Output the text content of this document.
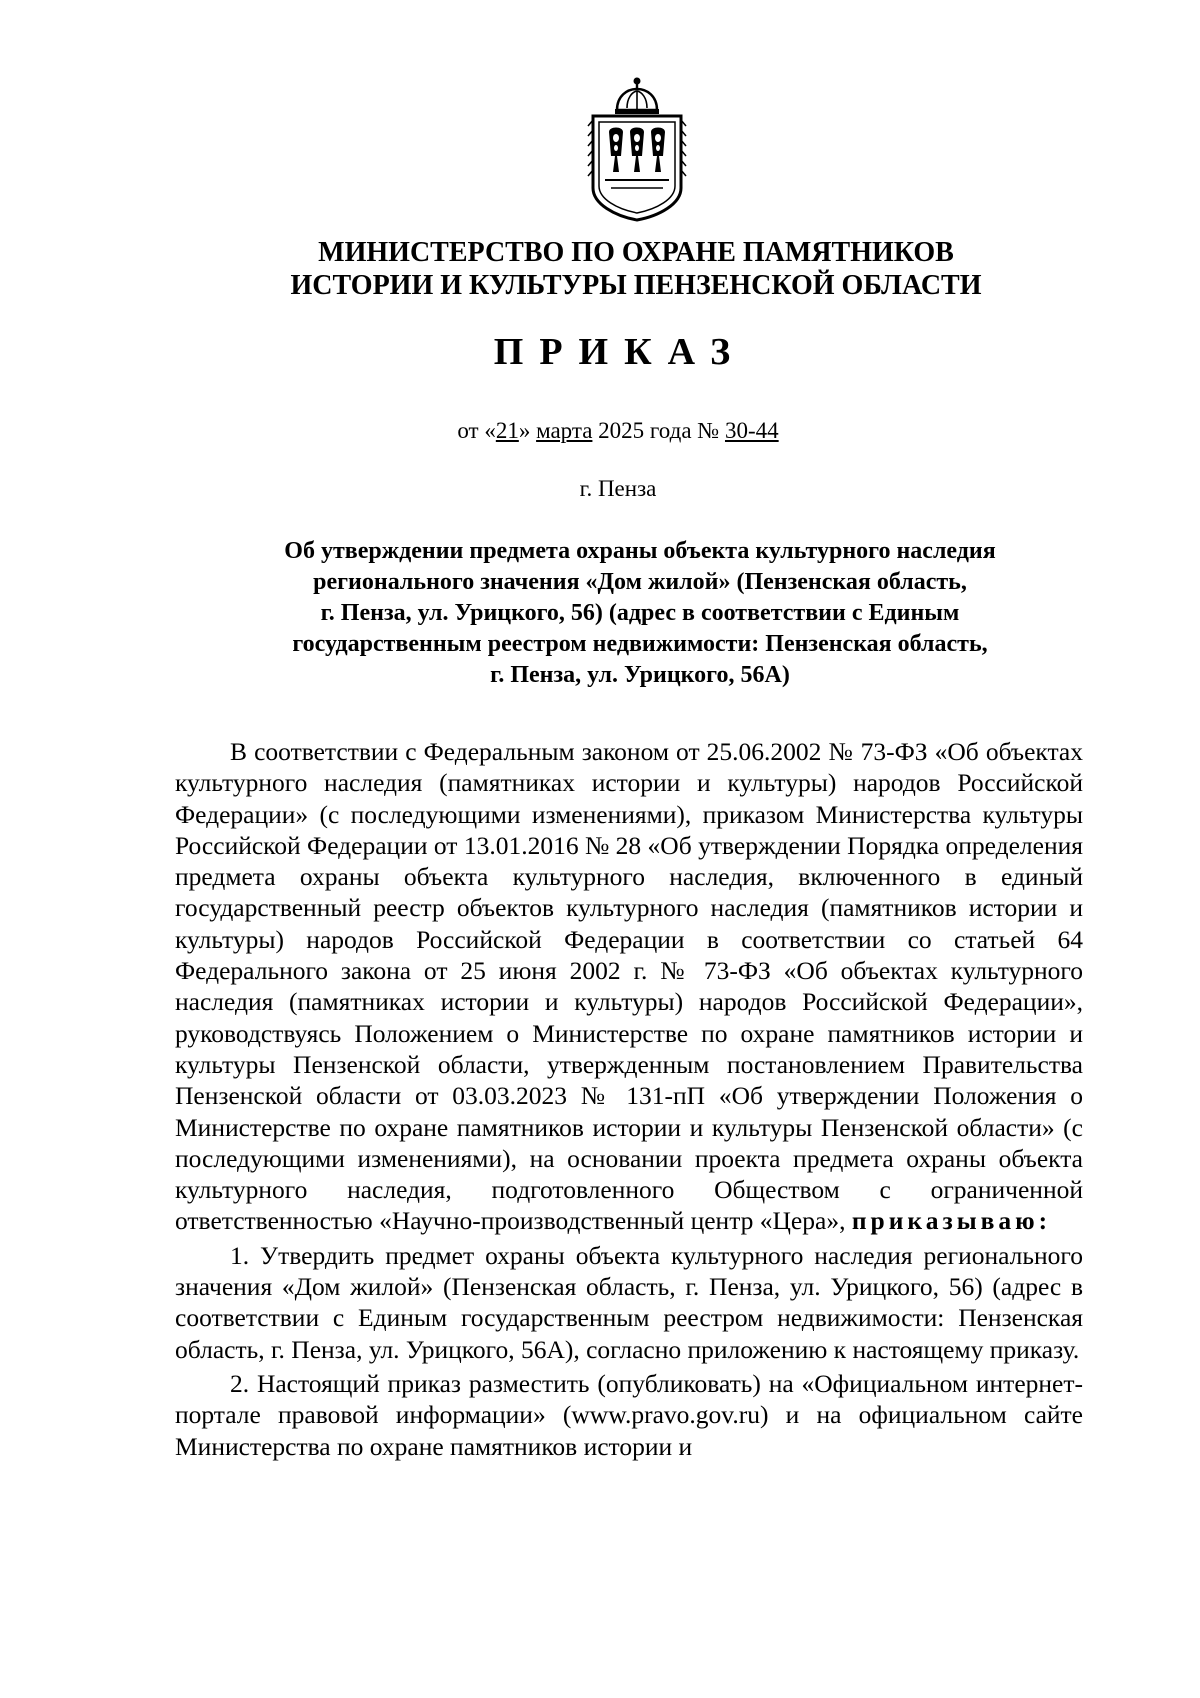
МИНИСТЕРСТВО ПО ОХРАНЕ ПАМЯТНИКОВ
ИСТОРИИ И КУЛЬТУРЫ ПЕНЗЕНСКОЙ ОБЛАСТИ
ПРИКАЗ
от «21» марта 2025 года № 30-44
г. Пенза
Об утверждении предмета охраны объекта культурного наследия
регионального значения «Дом жилой» (Пензенская область,
г. Пенза, ул. Урицкого, 56) (адрес в соответствии с Единым
государственным реестром недвижимости: Пензенская область,
г. Пенза, ул. Урицкого, 56А)

В соответствии с Федеральным законом от 25.06.2002 № 73-ФЗ «Об объектах культурного наследия (памятниках истории и культуры) народов Российской Федерации» (с последующими изменениями), приказом Министерства культуры Российской Федерации от 13.01.2016 № 28 «Об утверждении Порядка определения предмета охраны объекта культурного наследия, включенного в единый государственный реестр объектов культурного наследия (памятников истории и культуры) народов Российской Федерации в соответствии со статьей 64 Федерального закона от 25 июня 2002 г. № 73-ФЗ «Об объектах культурного наследия (памятниках истории и культуры) народов Российской Федерации», руководствуясь Положением о Министерстве по охране памятников истории и культуры Пензенской области, утвержденным постановлением Правительства Пензенской области от 03.03.2023 № 131-пП «Об утверждении Положения о Министерстве по охране памятников истории и культуры Пензенской области» (с последующими изменениями), на основании проекта предмета охраны объекта культурного наследия, подготовленного Обществом с ограниченной ответственностью «Научно-производственный центр «Цера», приказываю:

1. Утвердить предмет охраны объекта культурного наследия регионального значения «Дом жилой» (Пензенская область, г. Пенза, ул. Урицкого, 56) (адрес в соответствии с Единым государственным реестром недвижимости: Пензенская область, г. Пенза, ул. Урицкого, 56А), согласно приложению к настоящему приказу.

2. Настоящий приказ разместить (опубликовать) на «Официальном интернет-портале правовой информации» (www.pravo.gov.ru) и на официальном сайте Министерства по охране памятников истории и
